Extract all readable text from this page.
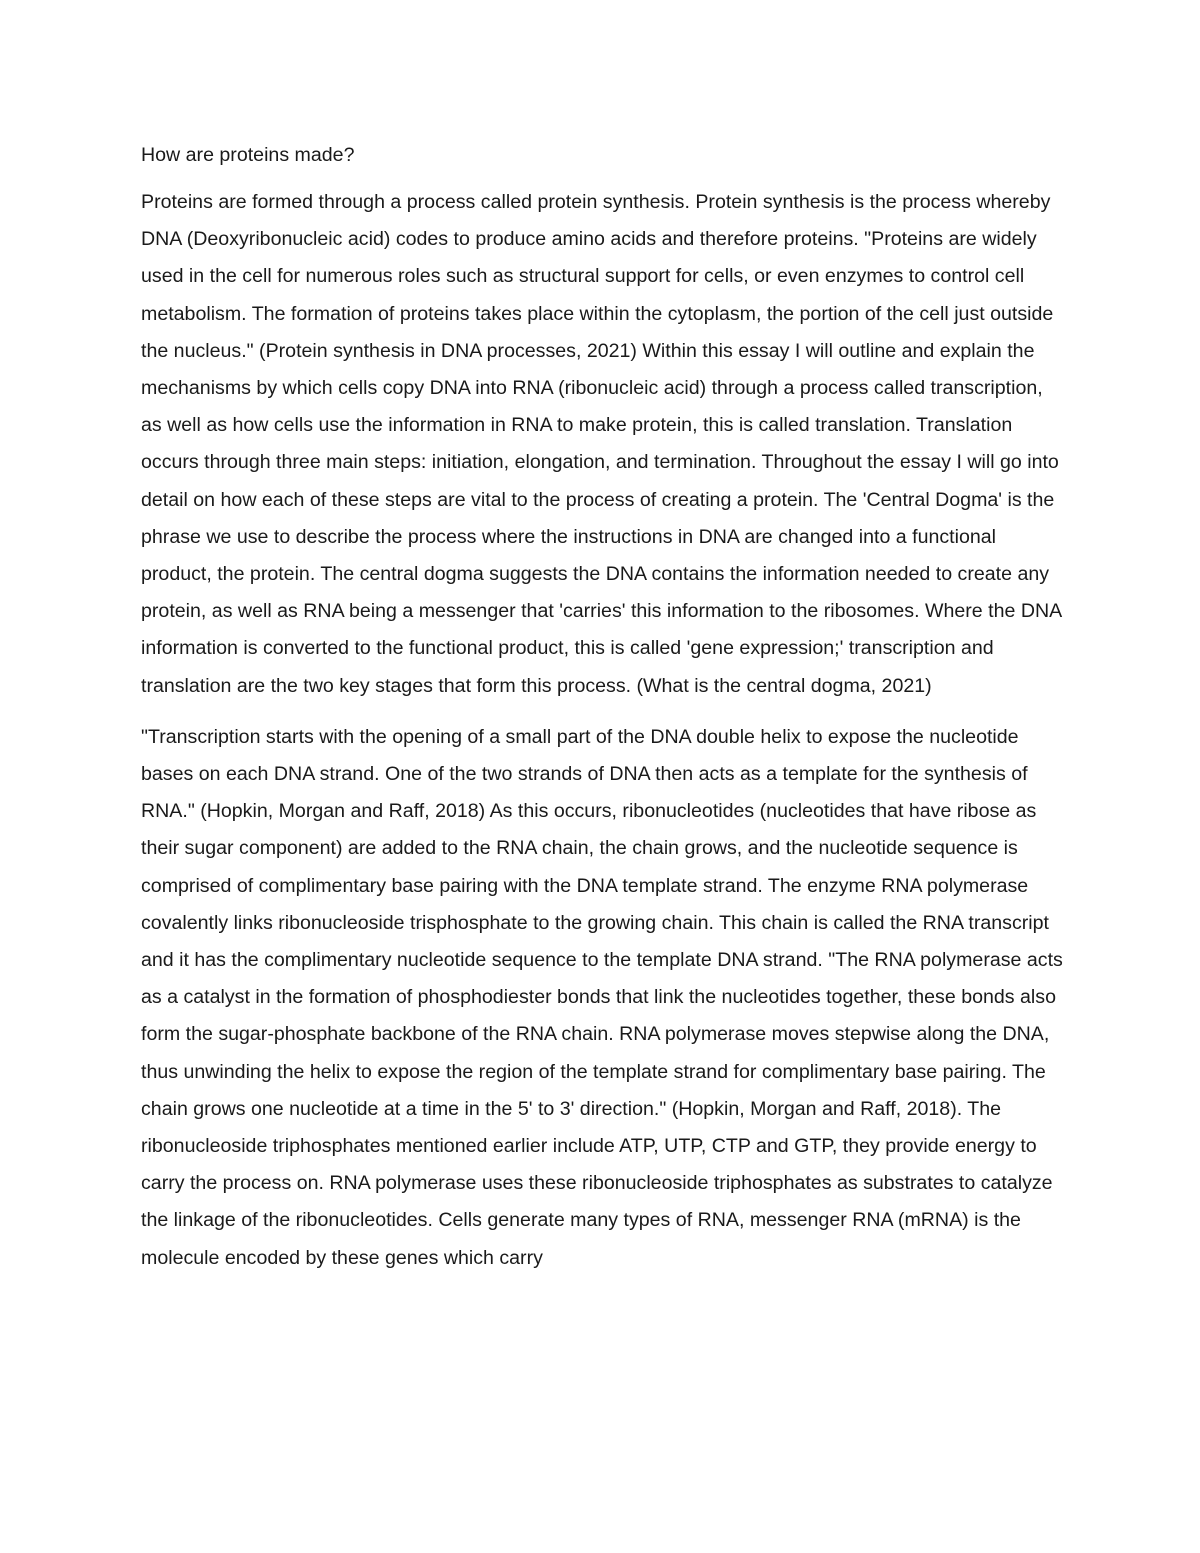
How are proteins made?

Proteins are formed through a process called protein synthesis. Protein synthesis is the process whereby DNA (Deoxyribonucleic acid) codes to produce amino acids and therefore proteins. "Proteins are widely used in the cell for numerous roles such as structural support for cells, or even enzymes to control cell metabolism. The formation of proteins takes place within the cytoplasm, the portion of the cell just outside the nucleus." (Protein synthesis in DNA processes, 2021) Within this essay I will outline and explain the mechanisms by which cells copy DNA into RNA (ribonucleic acid) through a process called transcription, as well as how cells use the information in RNA to make protein, this is called translation. Translation occurs through three main steps: initiation, elongation, and termination. Throughout the essay I will go into detail on how each of these steps are vital to the process of creating a protein. The 'Central Dogma' is the phrase we use to describe the process where the instructions in DNA are changed into a functional product, the protein. The central dogma suggests the DNA contains the information needed to create any protein, as well as RNA being a messenger that 'carries' this information to the ribosomes. Where the DNA information is converted to the functional product, this is called 'gene expression;' transcription and translation are the two key stages that form this process. (What is the central dogma, 2021)

"Transcription starts with the opening of a small part of the DNA double helix to expose the nucleotide bases on each DNA strand. One of the two strands of DNA then acts as a template for the synthesis of RNA." (Hopkin, Morgan and Raff, 2018) As this occurs, ribonucleotides (nucleotides that have ribose as their sugar component) are added to the RNA chain, the chain grows, and the nucleotide sequence is comprised of complimentary base pairing with the DNA template strand. The enzyme RNA polymerase covalently links ribonucleoside trisphosphate to the growing chain. This chain is called the RNA transcript and it has the complimentary nucleotide sequence to the template DNA strand. "The RNA polymerase acts as a catalyst in the formation of phosphodiester bonds that link the nucleotides together, these bonds also form the sugar-phosphate backbone of the RNA chain. RNA polymerase moves stepwise along the DNA, thus unwinding the helix to expose the region of the template strand for complimentary base pairing. The chain grows one nucleotide at a time in the 5' to 3' direction." (Hopkin, Morgan and Raff, 2018). The ribonucleoside triphosphates mentioned earlier include ATP, UTP, CTP and GTP, they provide energy to carry the process on. RNA polymerase uses these ribonucleoside triphosphates as substrates to catalyze the linkage of the ribonucleotides. Cells generate many types of RNA, messenger RNA (mRNA) is the molecule encoded by these genes which carry
